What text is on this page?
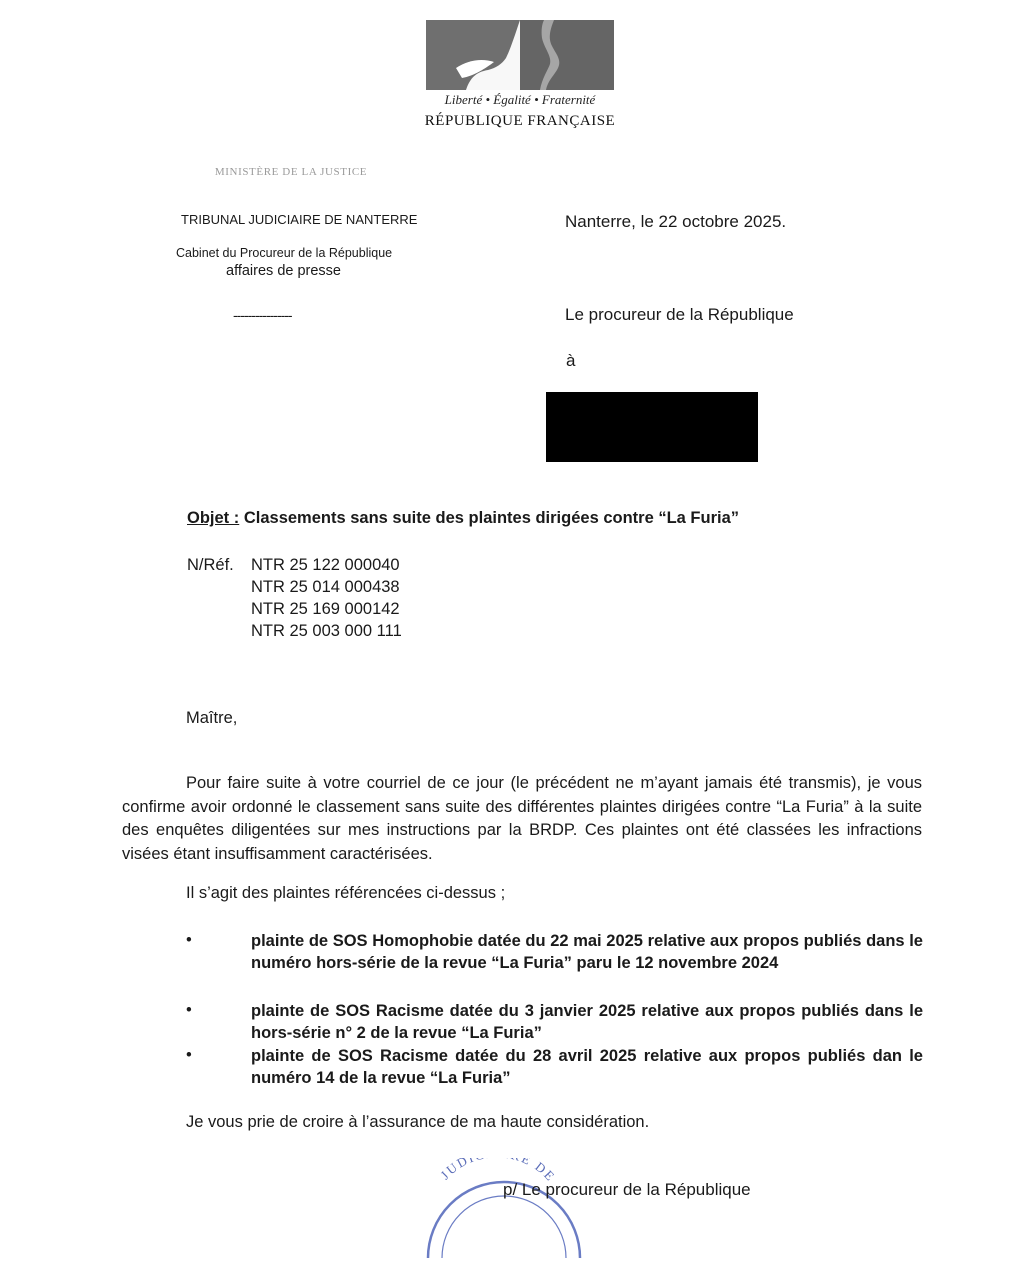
Liberté • Égalité • Fraternité
RÉPUBLIQUE FRANÇAISE
MINISTÈRE DE LA JUSTICE
TRIBUNAL JUDICIAIRE DE NANTERRE
Cabinet du Procureur de la République
affaires de presse
----------------
Nanterre, le 22 octobre 2025.
Le procureur de la République
à
Objet : Classements sans suite des plaintes dirigées contre “La Furia”
N/Réf. NTR 25 122 000040
NTR 25 014 000438
NTR 25 169 000142
NTR 25 003 000 111
Maître,
Pour faire suite à votre courriel de ce jour (le précédent ne m’ayant jamais été transmis), je vous confirme avoir ordonné le classement sans suite des différentes plaintes dirigées contre “La Furia” à la suite des enquêtes diligentées sur mes instructions par la BRDP. Ces plaintes ont été classées les infractions visées étant insuffisamment caractérisées.
Il s’agit des plaintes référencées ci-dessus ;
•	plainte de SOS Homophobie datée du 22 mai 2025 relative aux propos publiés dans le numéro hors-série de la revue “La Furia” paru le 12 novembre 2024
•	plainte de SOS Racisme datée du 3 janvier 2025 relative aux propos publiés dans le hors-série n° 2 de la revue “La Furia”
•	plainte de SOS Racisme datée du 28 avril 2025 relative aux propos publiés dan le numéro 14 de la revue “La Furia”
Je vous prie de croire à l’assurance de ma haute considération.
JUD E DE
p/ Le procureur de la République
